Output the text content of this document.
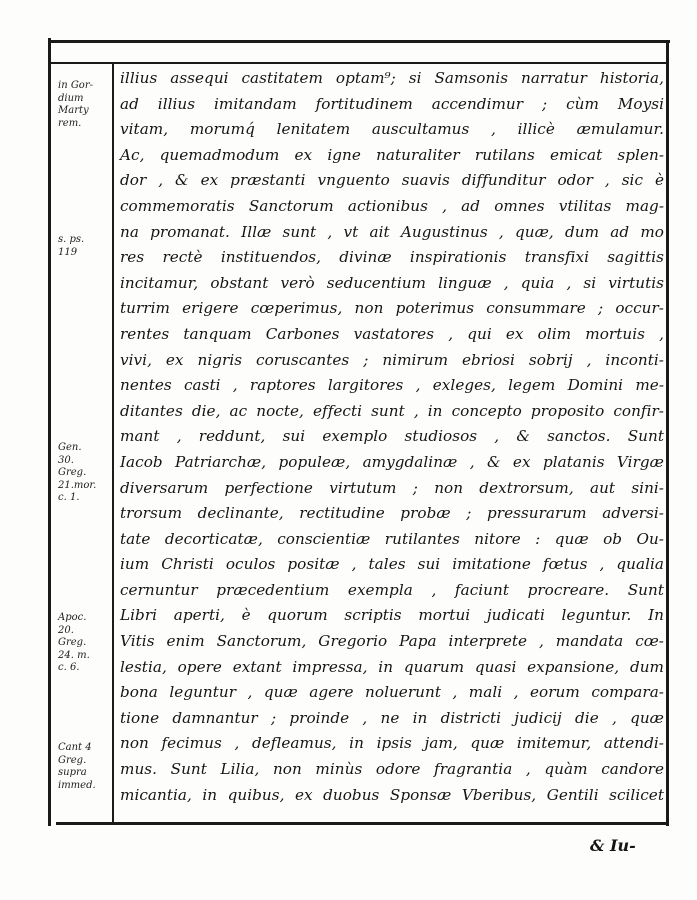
in Gor-
dium
Marty
rem.
s. ps.
119
Gen.
30.
Greg.
21.mor.
c. 1.
Apoc.
20.
Greg.
24. m.
c. 6.
Cant 4
Greg.
supra
immed.
illius assequi castitatem optam⁹; si Samsonis narratur historia,
ad illius imitandam fortitudinem accendimur ; cùm Moysi
vitam, morumq́ lenitatem auscultamus , illicè æmulamur.
Ac, quemadmodum ex igne naturaliter rutilans emicat splen-
dor , & ex præstanti vnguento suavis diffunditur odor , sic è
commemoratis Sanctorum actionibus , ad omnes vtilitas mag-
na promanat. Illæ sunt , vt ait Augustinus , quæ, dum ad mo
res rectè instituendos, divinæ inspirationis transfixi sagittis
incitamur, obstant verò seducentium linguæ , quia , si virtutis
turrim erigere cœperimus, non poterimus consummare ; occur-
rentes tanquam Carbones vastatores , qui ex olim mortuis ,
vivi, ex nigris coruscantes ; nimirum ebriosi sobrij , inconti-
nentes casti , raptores largitores , exleges, legem Domini me-
ditantes die, ac nocte, effecti sunt , in concepto proposito confir-
mant , reddunt, sui exemplo studiosos , & sanctos. Sunt
Iacob Patriarchæ, populeæ, amygdalinæ , & ex platanis Virgæ
diversarum perfectione virtutum ; non dextrorsum, aut sini-
trorsum declinante, rectitudine probæ ; pressurarum adversi-
tate decorticatæ, conscientiæ rutilantes nitore : quæ ob Ou-
ium Christi oculos positæ , tales sui imitatione fœtus , qualia
cernuntur præcedentium exempla , faciunt procreare. Sunt
Libri aperti, è quorum scriptis mortui judicati leguntur. In
Vitis enim Sanctorum, Gregorio Papa interprete , mandata cœ-
lestia, opere extant impressa, in quarum quasi expansione, dum
bona leguntur , quæ agere noluerunt , mali , eorum compara-
tione damnantur ; proinde , ne in districti judicij die , quæ
non fecimus , defleamus, in ipsis jam, quæ imitemur, attendi-
mus. Sunt Lilia, non minùs odore fragrantia , quàm candore
micantia, in quibus, ex duobus Sponsæ Vberibus, Gentili scilicet
& Iu-
